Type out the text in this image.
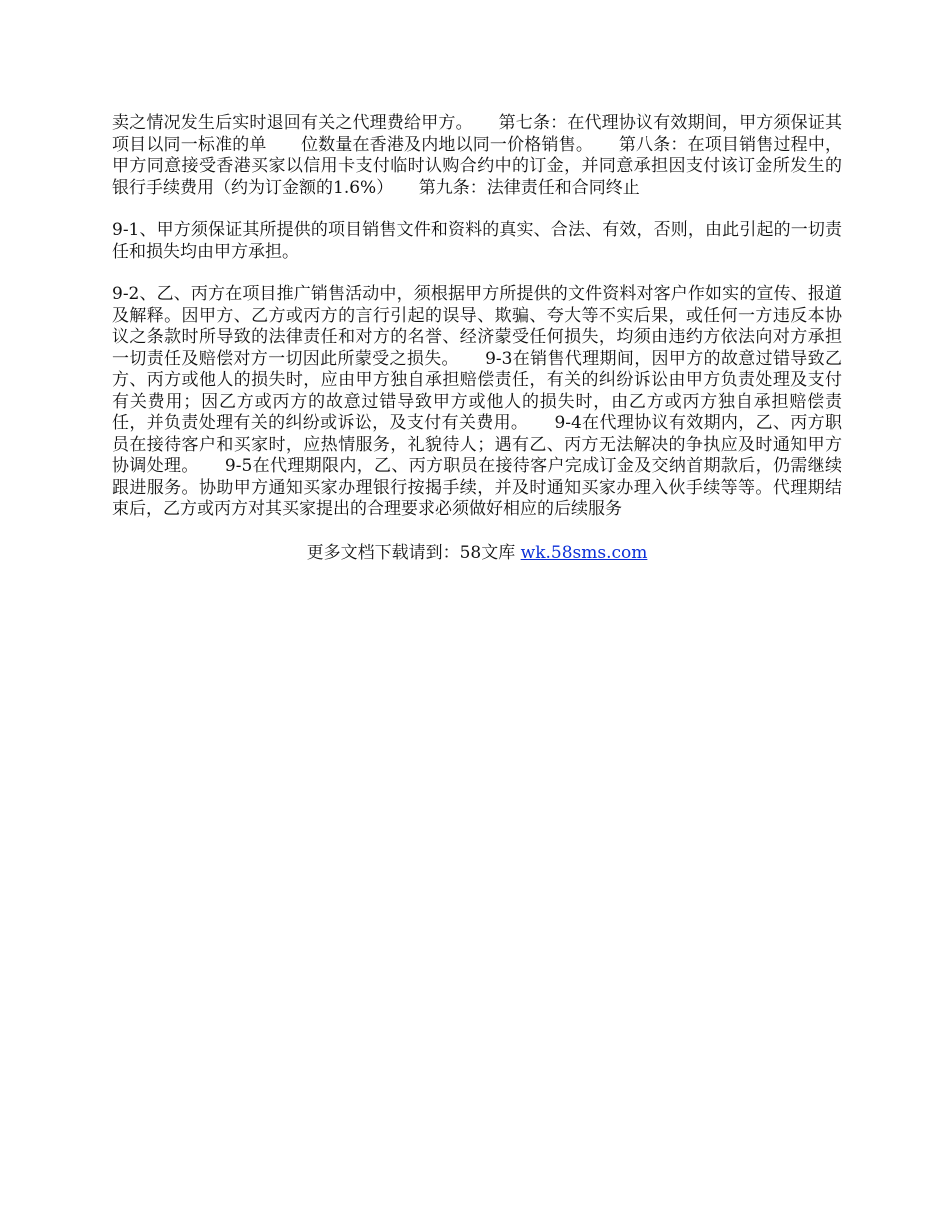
卖之情况发生后实时退回有关之代理费给甲方。　　第七条：在代理协议有效期间，甲方须保证其项目以同一标准的单　　位数量在香港及内地以同一价格销售。　　第八条：在项目销售过程中，甲方同意接受香港买家以信用卡支付临时认购合约中的订金，并同意承担因支付该订金所发生的银行手续费用（约为订金额的1.6%）　　第九条：法律责任和合同终止

9-1、甲方须保证其所提供的项目销售文件和资料的真实、合法、有效，否则，由此引起的一切责任和损失均由甲方承担。

9-2、乙、丙方在项目推广销售活动中，须根据甲方所提供的文件资料对客户作如实的宣传、报道及解释。因甲方、乙方或丙方的言行引起的误导、欺骗、夸大等不实后果，或任何一方违反本协议之条款时所导致的法律责任和对方的名誉、经济蒙受任何损失，均须由违约方依法向对方承担一切责任及赔偿对方一切因此所蒙受之损失。　　9-3在销售代理期间，因甲方的故意过错导致乙方、丙方或他人的损失时，应由甲方独自承担赔偿责任，有关的纠纷诉讼由甲方负责处理及支付有关费用；因乙方或丙方的故意过错导致甲方或他人的损失时，由乙方或丙方独自承担赔偿责任，并负责处理有关的纠纷或诉讼，及支付有关费用。　　9-4在代理协议有效期内，乙、丙方职员在接待客户和买家时，应热情服务，礼貌待人；遇有乙、丙方无法解决的争执应及时通知甲方协调处理。　　9-5在代理期限内，乙、丙方职员在接待客户完成订金及交纳首期款后，仍需继续跟进服务。协助甲方通知买家办理银行按揭手续，并及时通知买家办理入伙手续等等。代理期结束后，乙方或丙方对其买家提出的合理要求必须做好相应的后续服务

更多文档下载请到：58文库 wk.58sms.com
